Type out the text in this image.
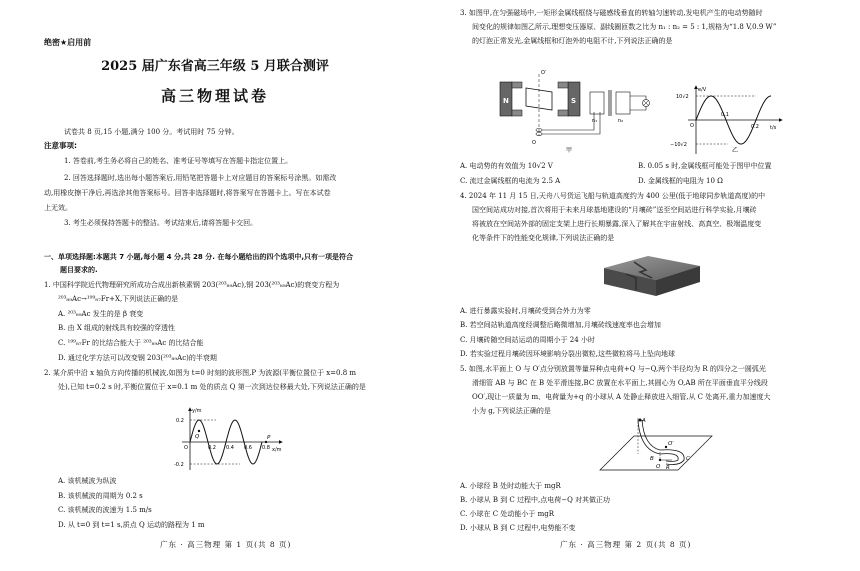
绝密★启用前
2025 届广东省高三年级 5 月联合测评
高三物理试卷
试卷共 8 页,15 小题,满分 100 分。考试用时 75 分钟。
注意事项:
1. 答卷前,考生务必将自己的姓名、准考证号等填写在答题卡指定位置上。
2. 回答选择题时,选出每小题答案后,用铅笔把答题卡上对应题目的答案标号涂黑。如需改
动,用橡皮擦干净后,再选涂其他答案标号。回答非选择题时,将答案写在答题卡上。写在本试卷
上无效。
3. 考生必须保持答题卡的整洁。考试结束后,请将答题卡交回。
一、单项选择题:本题共 7 小题,每小题 4 分,共 28 分. 在每小题给出的四个选项中,只有一项是符合
题目要求的.
1. 中国科学院近代物理研究所成功合成出新核素钢 203(²⁰³₈₉Ac),钢 203(²⁰³₈₉Ac)的衰变方程为
²⁰³₈₉Ac→¹⁹⁹₈₇Fr+X,下列说法正确的是
A. ²⁰³₈₉Ac 发生的是 β 衰变
B. 由 X 组成的射线具有较强的穿透性
C. ¹⁹⁹₈₇Fr 的比结合能大于 ²⁰³₈₉Ac 的比结合能
D. 通过化学方法可以改变钢 203(²⁰³₈₉Ac)的半衰期
2. 某介质中沿 x 轴负方向传播的机械波,如图为 t=0 时刻的波形图,P 为波源(平衡位置位于 x=0.8 m
处),已知 t=0.2 s 时,平衡位置位于 x=0.1 m 处的质点 Q 第一次到达位移最大处,下列说法正确的是
y/m
x/m
0.2
-0.2
O	0.2 0.4 0.6 0.8
Q	P
A. 该机械波为纵波
B. 该机械波的周期为 0.2 s
C. 该机械波的波速为 1.5 m/s
D. 从 t=0 到 t=1 s,质点 Q 运动的路程为 1 m
广东 · 高三物理 第 1 页(共 8 页)
3. 如图甲,在匀强磁场中,一矩形金属线框绕与磁感线垂直的转轴匀速转动,发电机产生的电动势随时
间变化的规律如图乙所示,理想变压器原、副线圈匝数之比为 n₁ : n₂ = 5 : 1,规格为“1.8 V,0.9 W”
的灯泡正常发光,金属线框和灯泡外的电阻不计,下列说法正确的是
N	S
O′
O
n₁	n₂
甲
e/V
t/s
10√2
−10√2
O
0.1
0.2
乙
A. 电动势的有效值为 10√2 V	B. 0.05 s 时,金属线框可能处于图甲中位置
C. 流过金属线框的电流为 2.5 A	D. 金属线框的电阻为 10 Ω
4. 2024 年 11 月 15 日,天舟八号货运飞船与轨道高度约为 400 公里(低于地球同步轨道高度)的中
国空间站成功对接,首次将用于未来月球基地建设的“月壤砖”送至空间站进行科学实验,月壤砖
将被放在空间站外部的固定支架上进行长期暴露,深入了解其在宇宙射线、高真空、极端温度变
化等条件下的性能变化规律,下列说法正确的是
A. 进行暴露实验时,月壤砖受到合外力为零
B. 若空间站轨道高度经调整后略微增加,月壤砖线速度率也会增加
C. 月壤砖随空间站运动的周期小于 24 小时
D. 若实验过程月壤砖因环境影响分裂出微粒,这些微粒将马上坠向地球
5. 如图,水平面上 O 与 O′点分别放置等量异种点电荷+Q 与−Q,两个半径均为 R 的四分之一圆弧光
滑细管 AB 与 BC 在 B 处平滑连接,BC 放置在水平面上,其圆心为 O,AB 所在平面垂直平分线段
OO′,现让一质量为 m、电荷量为+q 的小球从 A 处静止释放进入细管,从 C 处离开,重力加速度大
小为 g,下列说法正确的是
A
B	C
O
O′
R
A. 小球经 B 处时动能大于 mgR
B. 小球从 B 到 C 过程中,点电荷−Q 对其做正功
C. 小球在 C 处动能小于 mgR
D. 小球从 B 到 C 过程中,电势能不变
广东 · 高三物理 第 2 页(共 8 页)
